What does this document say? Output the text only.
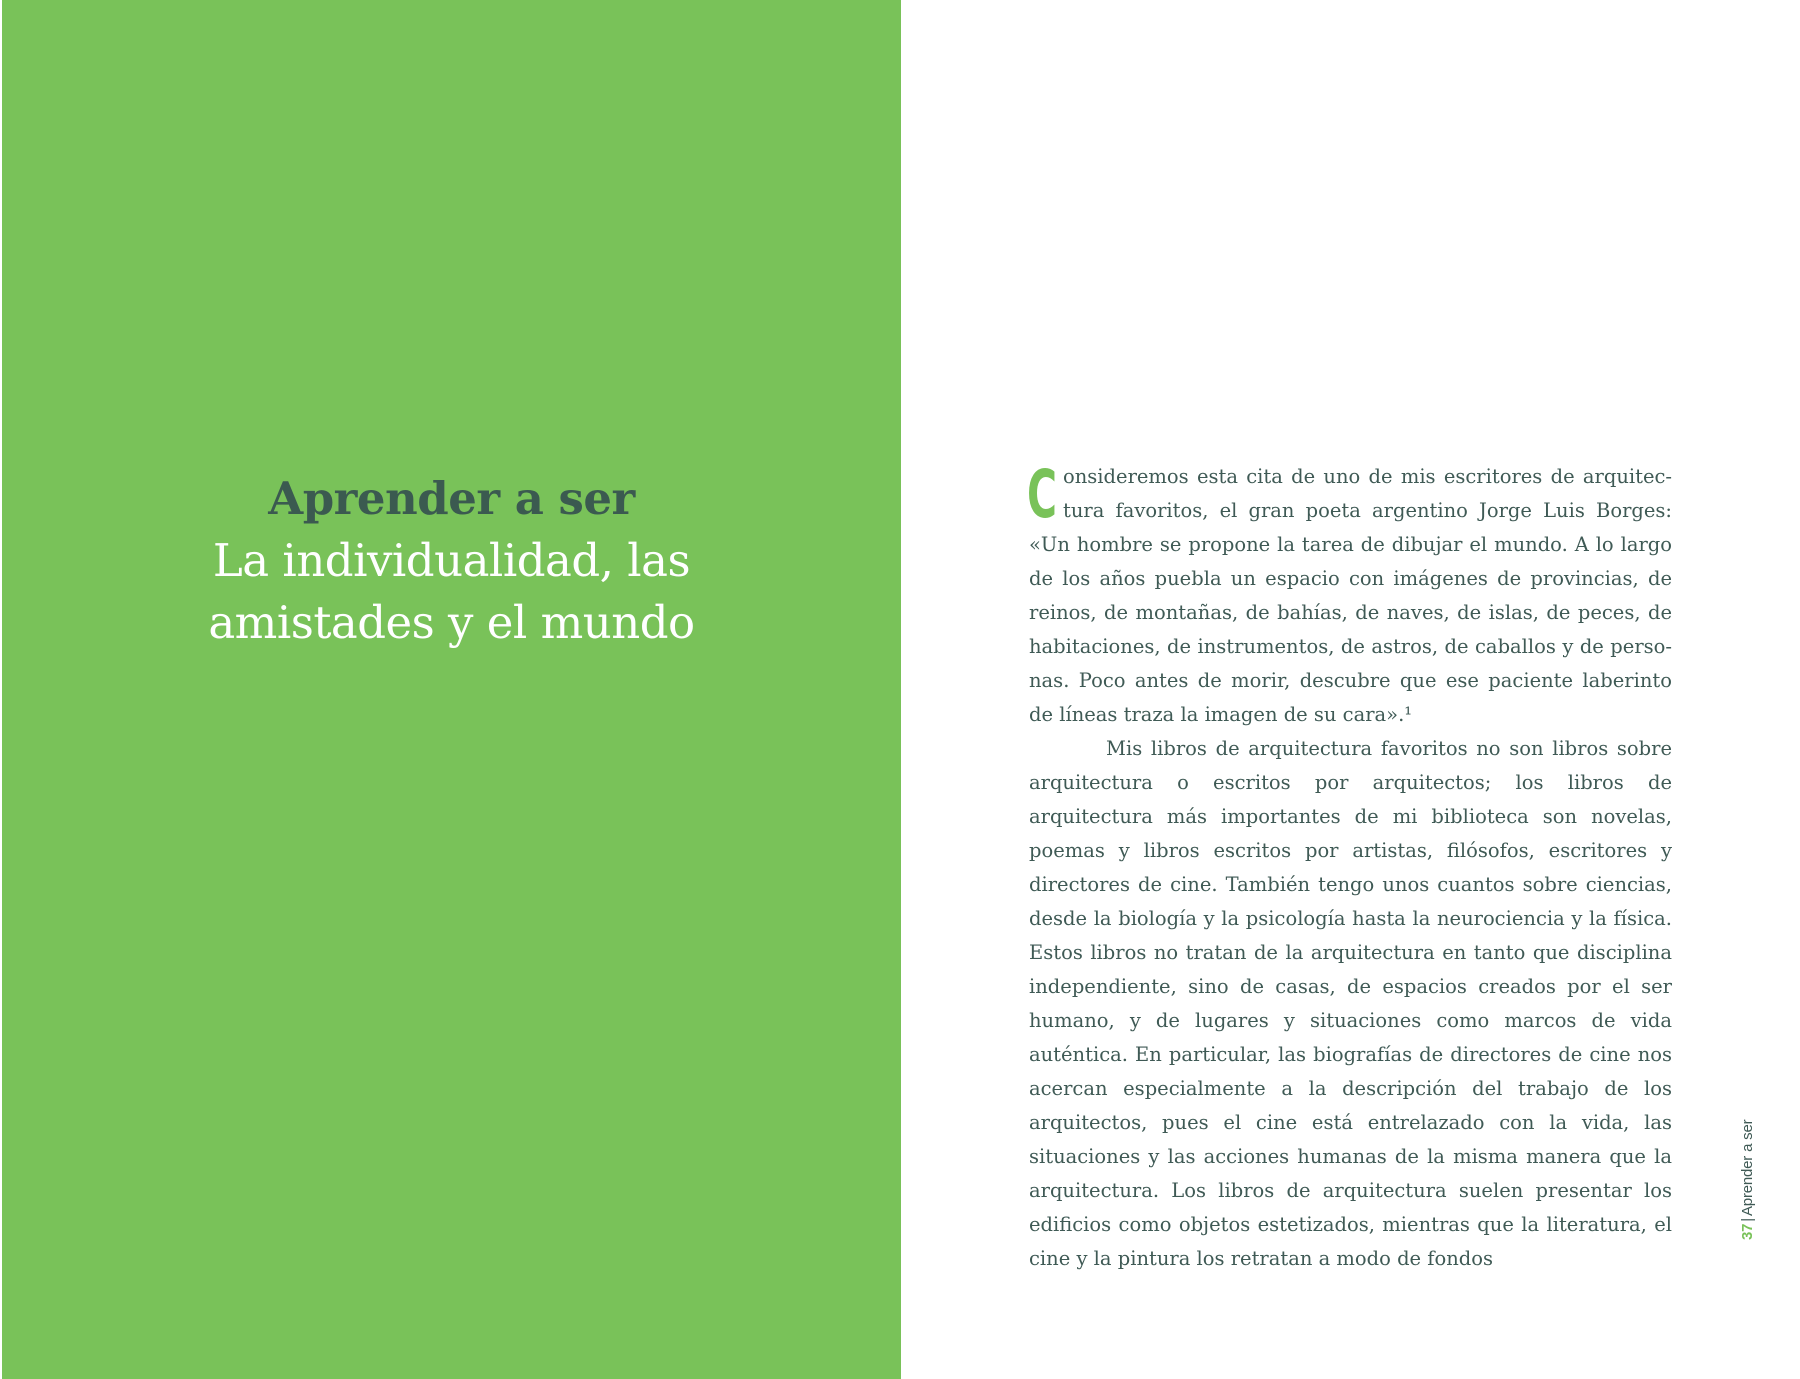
Aprender a ser
La individualidad, las
amistades y el mundo

Consideremos esta cita de uno de mis escritores de arquitectura favoritos, el gran poeta argentino Jorge Luis Borges: «Un hombre se propone la tarea de dibujar el mundo. A lo largo de los años puebla un espacio con imágenes de provincias, de reinos, de montañas, de bahías, de naves, de islas, de peces, de habitaciones, de instrumentos, de astros, de caballos y de personas. Poco antes de morir, descubre que ese paciente laberinto de líneas traza la imagen de su cara».¹

Mis libros de arquitectura favoritos no son libros sobre arquitectura o escritos por arquitectos; los libros de arquitectura más importantes de mi biblioteca son novelas, poemas y libros escritos por artistas, filósofos, escritores y directores de cine. También tengo unos cuantos sobre ciencias, desde la biología y la psicología hasta la neurociencia y la física. Estos libros no tratan de la arquitectura en tanto que disciplina independiente, sino de casas, de espacios creados por el ser humano, y de lugares y situaciones como marcos de vida auténtica. En particular, las biografías de directores de cine nos acercan especialmente a la descripción del trabajo de los arquitectos, pues el cine está entrelazado con la vida, las situaciones y las acciones humanas de la misma manera que la arquitectura. Los libros de arquitectura suelen presentar los edificios como objetos estetizados, mientras que la literatura, el cine y la pintura los retratan a modo de fondos

37|Aprender a ser
